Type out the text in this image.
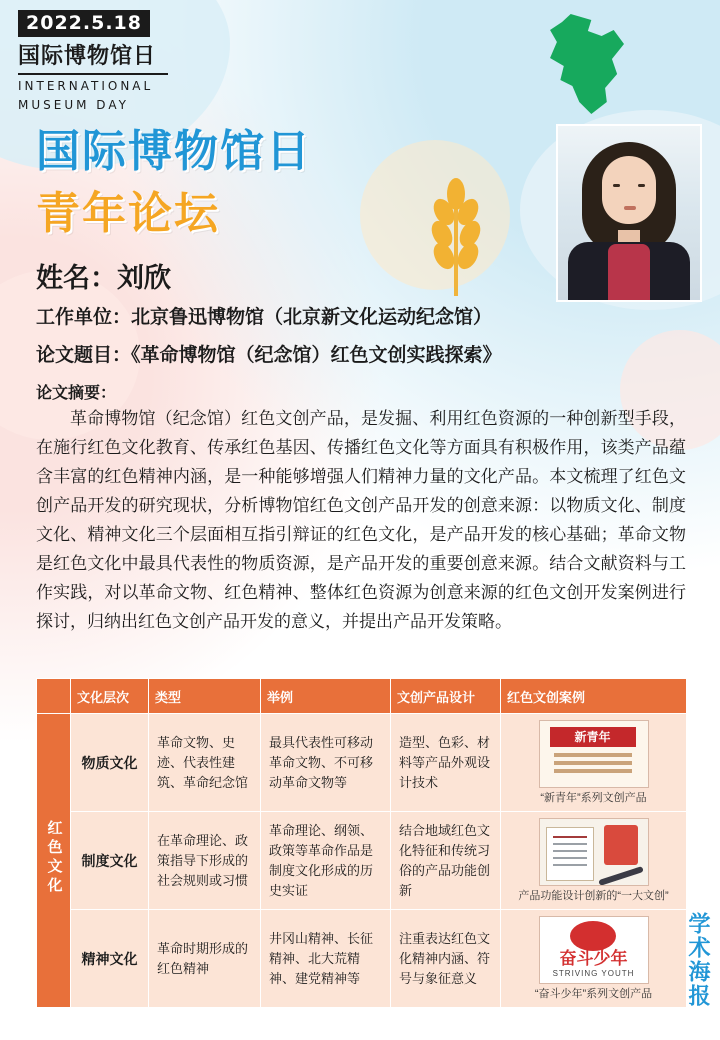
2022.5.18
国际博物馆日
INTERNATIONAL
MUSEUM DAY
国际博物馆日
青年论坛
姓名：刘欣
工作单位：北京鲁迅博物馆（北京新文化运动纪念馆）
论文题目：《革命博物馆（纪念馆）红色文创实践探索》
论文摘要：
革命博物馆（纪念馆）红色文创产品，是发掘、利用红色资源的一种创新型手段，在施行红色文化教育、传承红色基因、传播红色文化等方面具有积极作用，该类产品蕴含丰富的红色精神内涵，是一种能够增强人们精神力量的文化产品。本文梳理了红色文创产品开发的研究现状，分析博物馆红色文创产品开发的创意来源：以物质文化、制度文化、精神文化三个层面相互指引辩证的红色文化，是产品开发的核心基础；革命文物是红色文化中最具代表性的物质资源，是产品开发的重要创意来源。结合文献资料与工作实践，对以革命文物、红色精神、整体红色资源为创意来源的红色文创开发案例进行探讨，归纳出红色文创产品开发的意义，并提出产品开发策略。
	文化层次	类型	举例	文创产品设计	红色文创案例
红色文化	物质文化	革命文物、史迹、代表性建筑、革命纪念馆	最具代表性可移动革命文物、不可移动革命文物等	造型、色彩、材料等产品外观设计技术	新青年
“新青年”系列文创产品

	制度文化	在革命理论、政策指导下形成的社会规则或习惯	革命理论、纲领、政策等革命作品是制度文化形成的历史实证	结合地域红色文化特征和传统习俗的产品功能创新	产品功能设计创新的“一大文创”

	精神文化	革命时期形成的红色精神	井冈山精神、长征精神、北大荒精神、建党精神等	注重表达红色文化精神内涵、符号与象征意义	奋斗少年
STRIVING YOUTH
“奋斗少年”系列文创产品	学术海报
